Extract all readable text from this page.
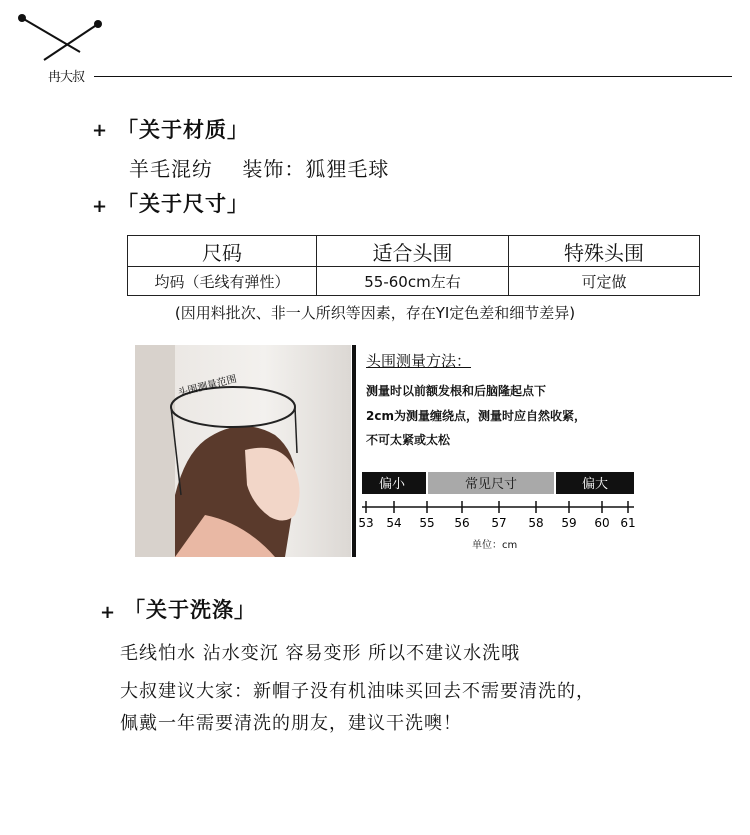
冉大叔
+ 「关于材质」
羊毛混纺    装饰：狐狸毛球
+ 「关于尺寸」
尺码	适合头围	特殊头围
均码（毛线有弹性）	55-60cm左右	可定做
(因用料批次、非一人所织等因素，存在YI定色差和细节差异)
头围测量范围
头围测量方法：
测量时以前额发根和后脑隆起点下
2cm为测量缠绕点，测量时应自然收紧，
不可太紧或太松
偏小	常见尺寸	偏大
53 54 55 56 57 58 59 60 61
单位：cm
+ 「关于洗涤」
毛线怕水 沾水变沉 容易变形 所以不建议水洗哦
大叔建议大家：新帽子没有机油味买回去不需要清洗的，
佩戴一年需要清洗的朋友，建议干洗噢！
